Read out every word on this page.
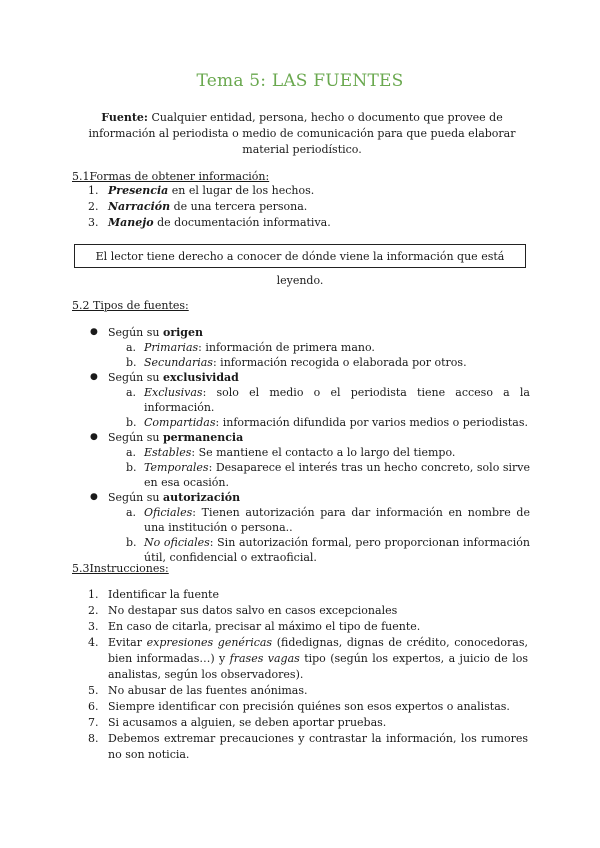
Tema 5: LAS FUENTES
Fuente: Cualquier entidad, persona, hecho o documento que provee de información al periodista o medio de comunicación para que pueda elaborar material periodístico.
5.1Formas de obtener información:
1. Presencia en el lugar de los hechos.
2. Narración de una tercera persona.
3. Manejo de documentación informativa.
El lector tiene derecho a conocer de dónde viene la información que está leyendo.
5.2 Tipos de fuentes:
● Según su origen
a. Primarias: información de primera mano.
b. Secundarias: información recogida o elaborada por otros.
● Según su exclusividad
a. Exclusivas: solo el medio o el periodista tiene acceso a la información.
b. Compartidas: información difundida por varios medios o periodistas.
● Según su permanencia
a. Estables: Se mantiene el contacto a lo largo del tiempo.
b. Temporales: Desaparece el interés tras un hecho concreto, solo sirve en esa ocasión.
● Según su autorización
a. Oficiales: Tienen autorización para dar información en nombre de una institución o persona..
b. No oficiales: Sin autorización formal, pero proporcionan información útil, confidencial o extraoficial.
5.3Instrucciones:
1. Identificar la fuente
2. No destapar sus datos salvo en casos excepcionales
3. En caso de citarla, precisar al máximo el tipo de fuente.
4. Evitar expresiones genéricas (fidedignas, dignas de crédito, conocedoras, bien informadas…) y frases vagas tipo (según los expertos, a juicio de los analistas, según los observadores).
5. No abusar de las fuentes anónimas.
6. Siempre identificar con precisión quiénes son esos expertos o analistas.
7. Si acusamos a alguien, se deben aportar pruebas.
8. Debemos extremar precauciones y contrastar la información, los rumores no son noticia.
